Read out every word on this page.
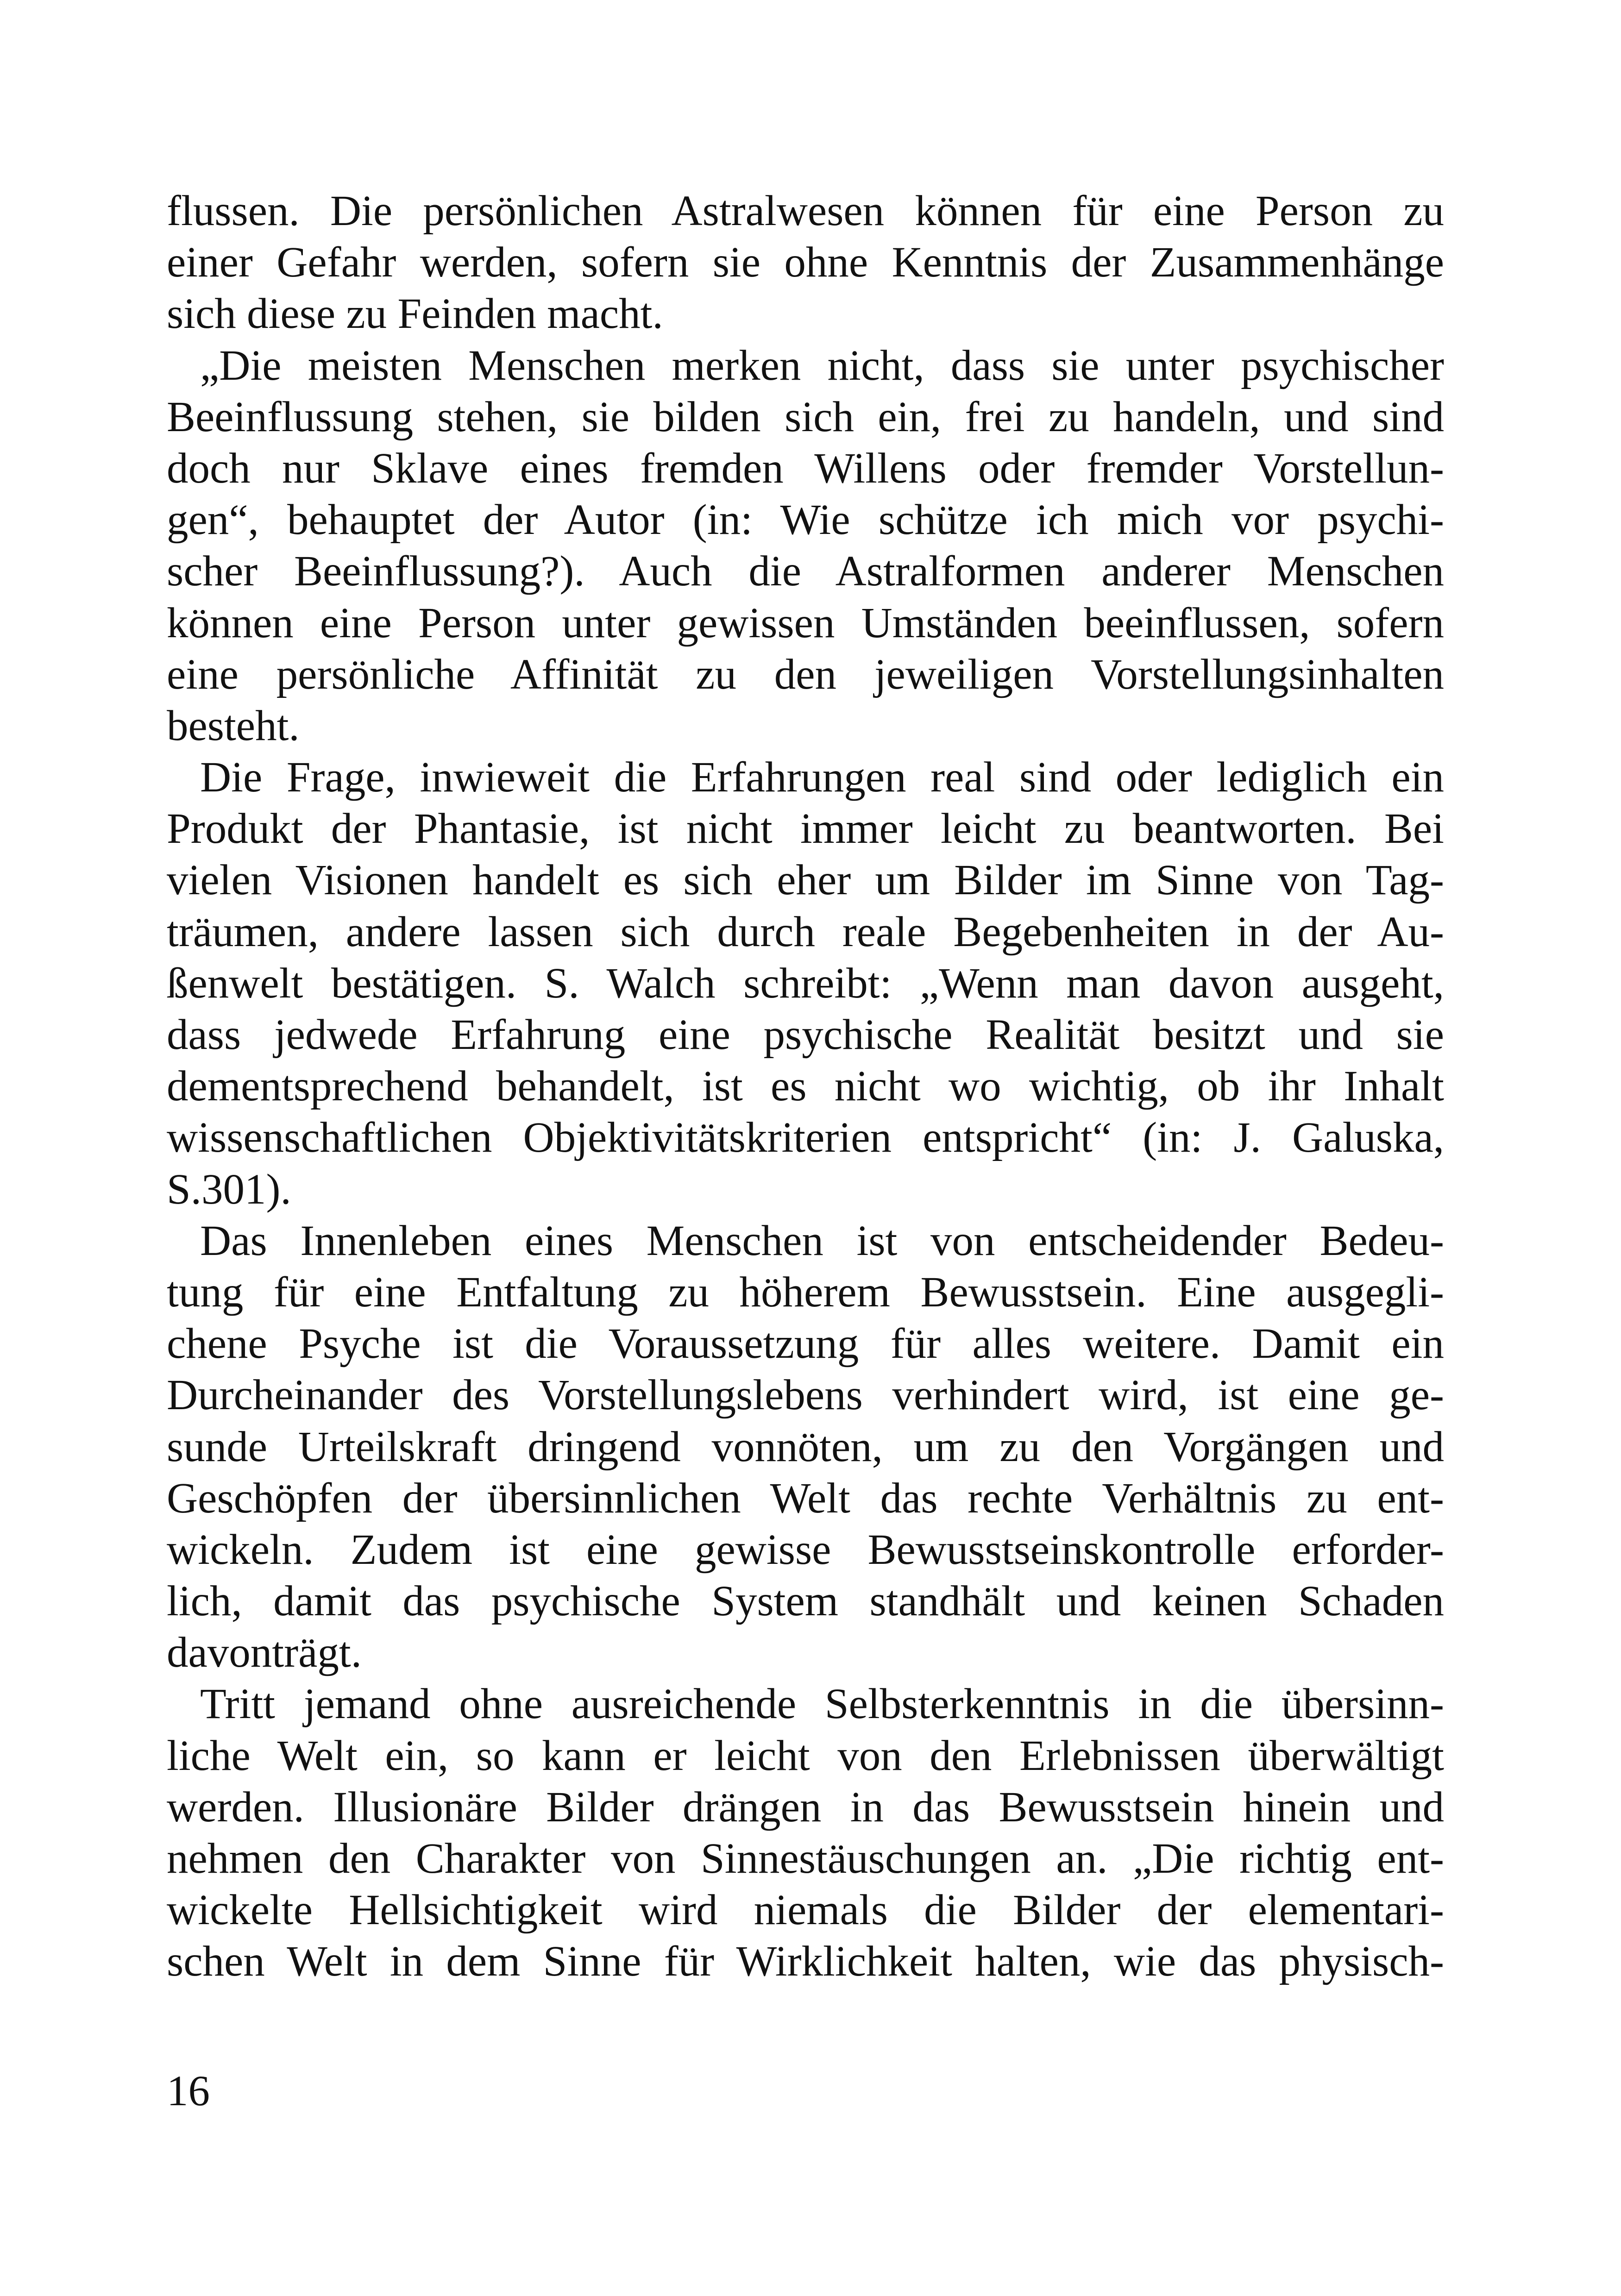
flussen. Die persönlichen Astralwesen können für eine Person zu
einer Gefahr werden, sofern sie ohne Kenntnis der Zusammenhänge
sich diese zu Feinden macht.
„Die meisten Menschen merken nicht, dass sie unter psychischer
Beeinflussung stehen, sie bilden sich ein, frei zu handeln, und sind
doch nur Sklave eines fremden Willens oder fremder Vorstellun-
gen“, behauptet der Autor (in: Wie schütze ich mich vor psychi-
scher Beeinflussung?). Auch die Astralformen anderer Menschen
können eine Person unter gewissen Umständen beeinflussen, sofern
eine persönliche Affinität zu den jeweiligen Vorstellungsinhalten
besteht.
Die Frage, inwieweit die Erfahrungen real sind oder lediglich ein
Produkt der Phantasie, ist nicht immer leicht zu beantworten. Bei
vielen Visionen handelt es sich eher um Bilder im Sinne von Tag-
träumen, andere lassen sich durch reale Begebenheiten in der Au-
ßenwelt bestätigen. S. Walch schreibt: „Wenn man davon ausgeht,
dass jedwede Erfahrung eine psychische Realität besitzt und sie
dementsprechend behandelt, ist es nicht wo wichtig, ob ihr Inhalt
wissenschaftlichen Objektivitätskriterien entspricht“ (in: J. Galuska,
S.301).
Das Innenleben eines Menschen ist von entscheidender Bedeu-
tung für eine Entfaltung zu höherem Bewusstsein. Eine ausgegli-
chene Psyche ist die Voraussetzung für alles weitere. Damit ein
Durcheinander des Vorstellungslebens verhindert wird, ist eine ge-
sunde Urteilskraft dringend vonnöten, um zu den Vorgängen und
Geschöpfen der übersinnlichen Welt das rechte Verhältnis zu ent-
wickeln. Zudem ist eine gewisse Bewusstseinskontrolle erforder-
lich, damit das psychische System standhält und keinen Schaden
davonträgt.
Tritt jemand ohne ausreichende Selbsterkenntnis in die übersinn-
liche Welt ein, so kann er leicht von den Erlebnissen überwältigt
werden. Illusionäre Bilder drängen in das Bewusstsein hinein und
nehmen den Charakter von Sinnestäuschungen an. „Die richtig ent-
wickelte Hellsichtigkeit wird niemals die Bilder der elementari-
schen Welt in dem Sinne für Wirklichkeit halten, wie das physisch-
16
